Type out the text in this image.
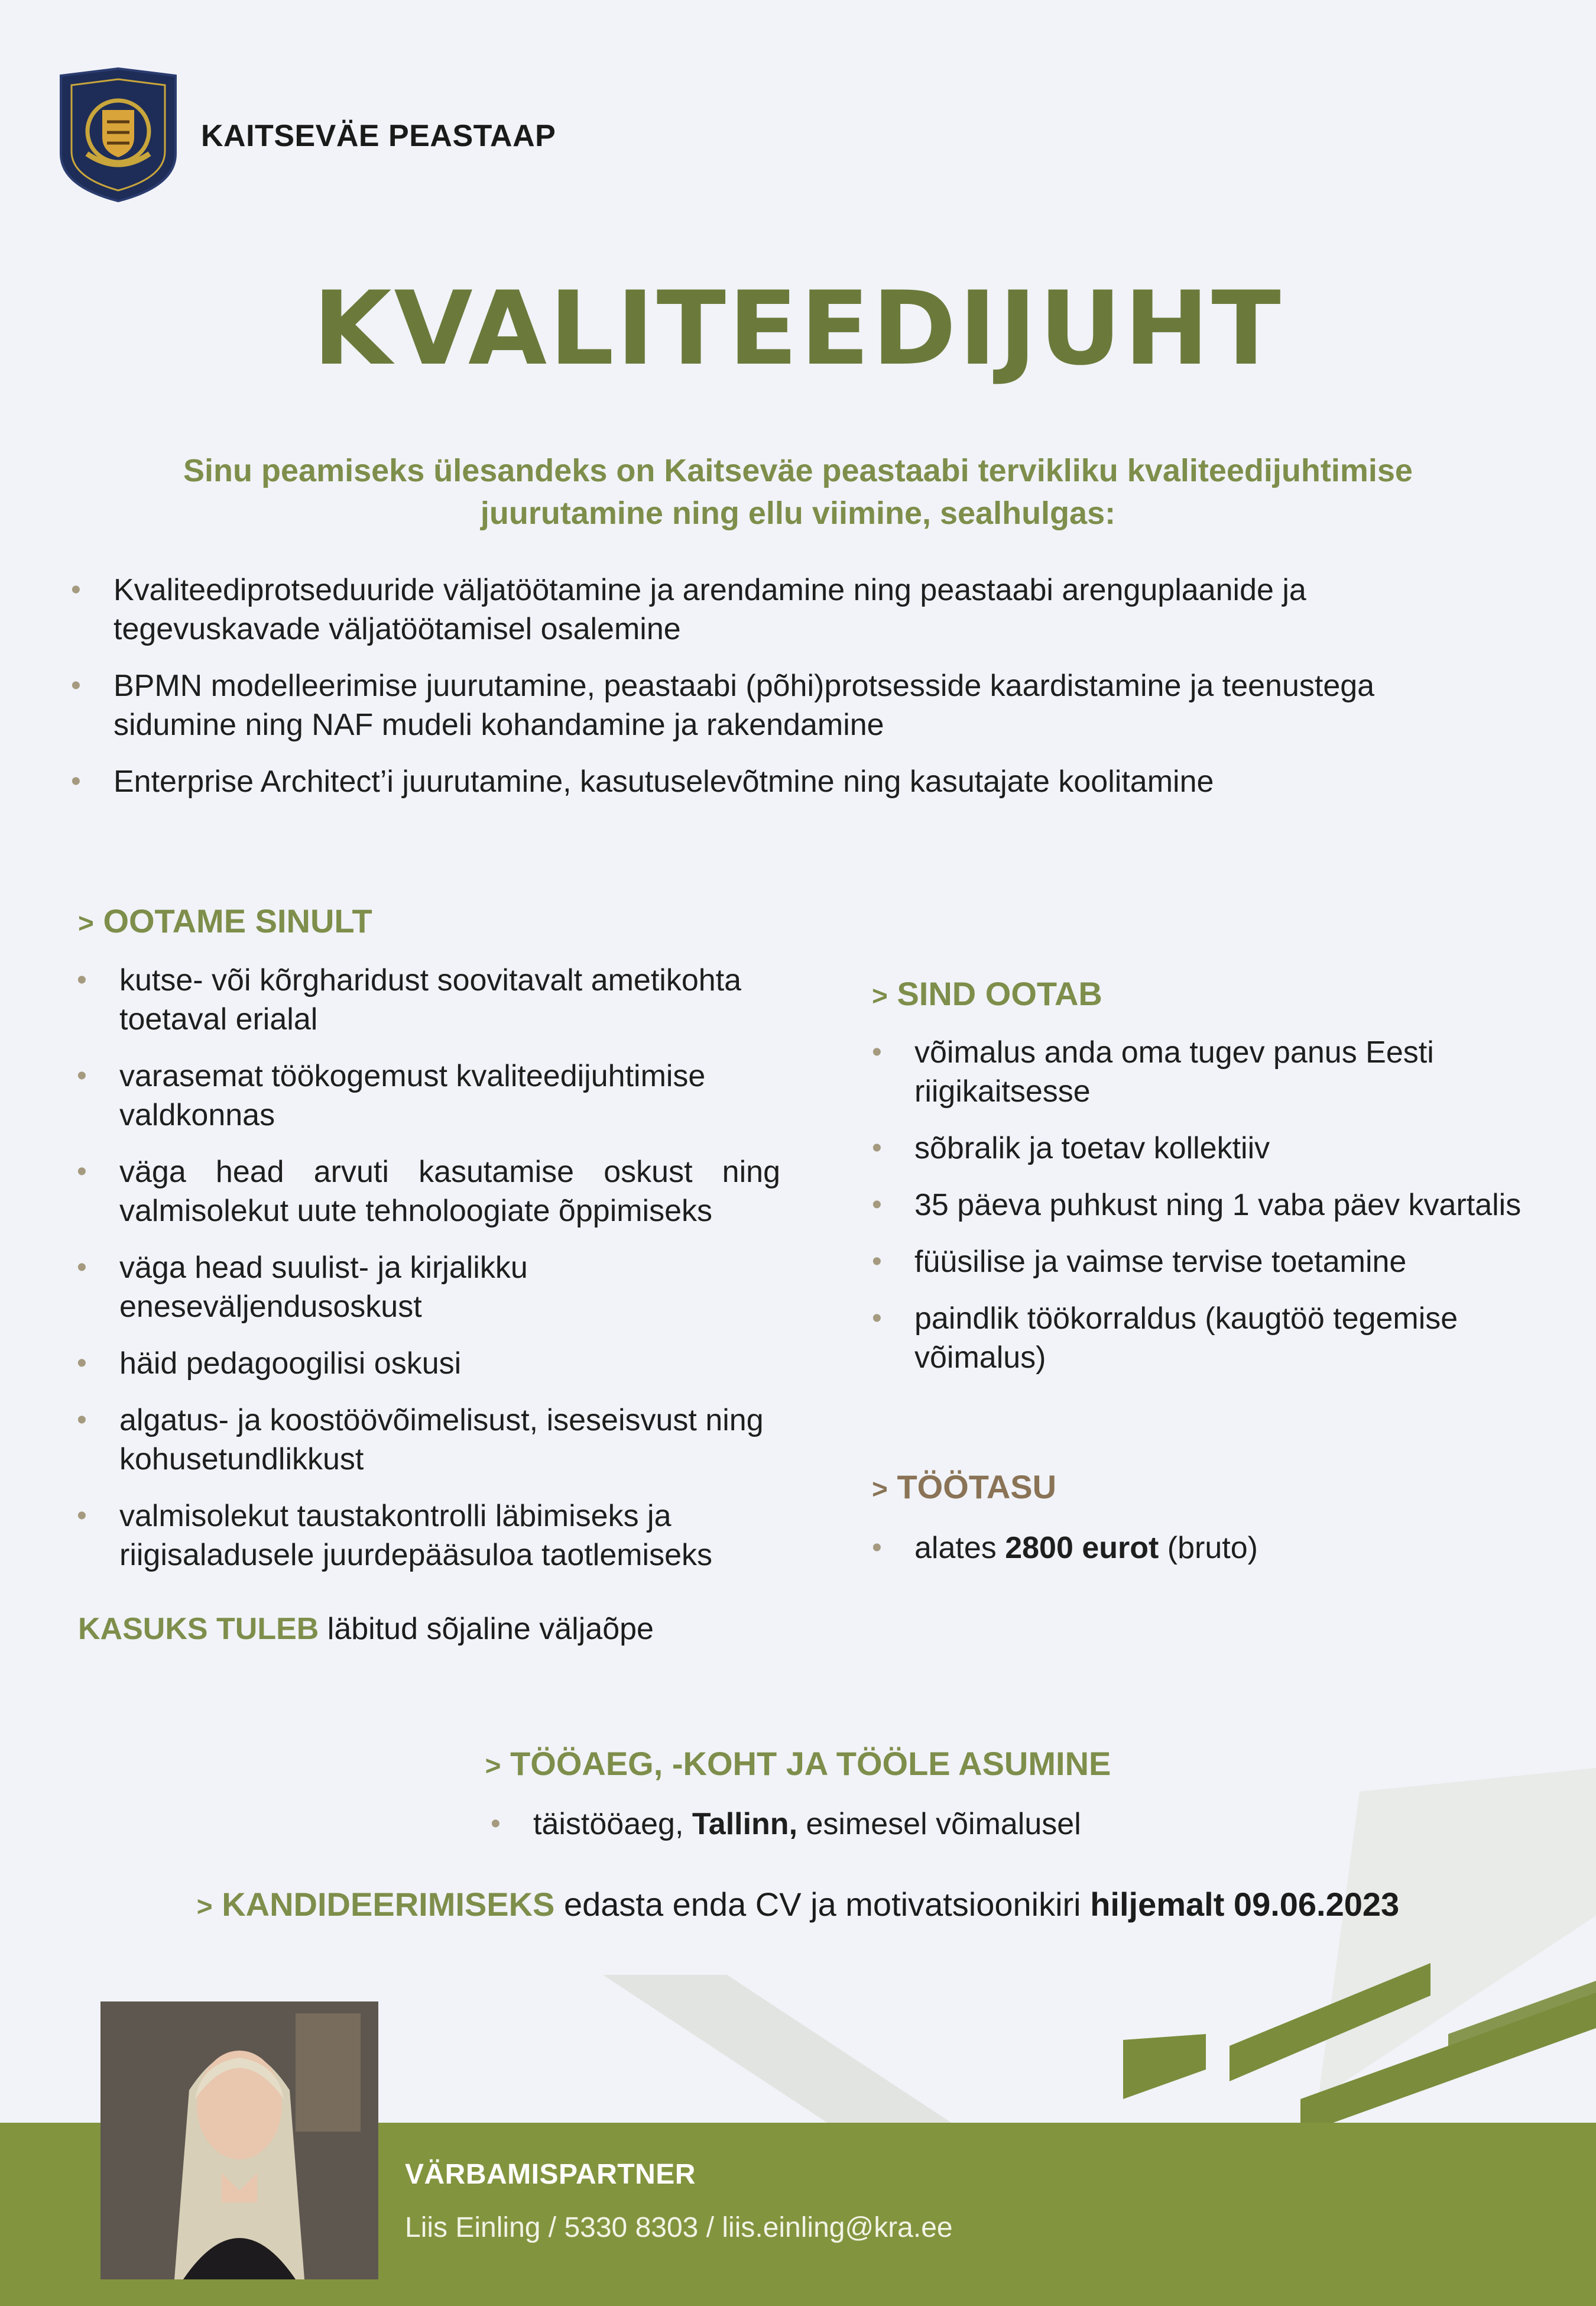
VIRIBUS UNITIS
KAITSEVÄE PEASTAAP
KVALITEEDIJUHT
Sinu peamiseks ülesandeks on Kaitseväe peastaabi tervikliku kvaliteedijuhtimise juurutamine ning ellu viimine, sealhulgas:
• Kvaliteediprotseduuride väljatöötamine ja arendamine ning peastaabi arenguplaanide ja tegevuskavade väljatöötamisel osalemine
• BPMN modelleerimise juurutamine, peastaabi (põhi)protsesside kaardistamine ja teenustega sidumine ning NAF mudeli kohandamine ja rakendamine
• Enterprise Architect’i juurutamine, kasutuselevõtmine ning kasutajate koolitamine
> OOTAME SINULT
• kutse- või kõrgharidust soovitavalt ametikohta toetaval erialal
• varasemat töökogemust kvaliteedijuhtimise valdkonnas
• väga head arvuti kasutamise oskust ning valmisolekut uute tehnoloogiate õppimiseks
• väga head suulist- ja kirjalikku eneseväljendusoskust
• häid pedagoogilisi oskusi
• algatus- ja koostöövõimelisust, iseseisvust ning kohusetundlikkust
• valmisolekut taustakontrolli läbimiseks ja riigisaladusele juurdepääsuloa taotlemiseks
KASUKS TULEB läbitud sõjaline väljaõpe
> SIND OOTAB
• võimalus anda oma tugev panus Eesti riigikaitsesse
• sõbralik ja toetav kollektiiv
• 35 päeva puhkust ning 1 vaba päev kvartalis
• füüsilise ja vaimse tervise toetamine
• paindlik töökorraldus (kaugtöö tegemise võimalus)
> TÖÖTASU
• alates 2800 eurot (bruto)
> TÖÖAEG, -KOHT JA TÖÖLE ASUMINE
• täistööaeg, Tallinn, esimesel võimalusel
> KANDIDEERIMISEKS edasta enda CV ja motivatsioonikiri hiljemalt 09.06.2023
VÄRBAMISPARTNER
Liis Einling / 5330 8303 / liis.einling@kra.ee
